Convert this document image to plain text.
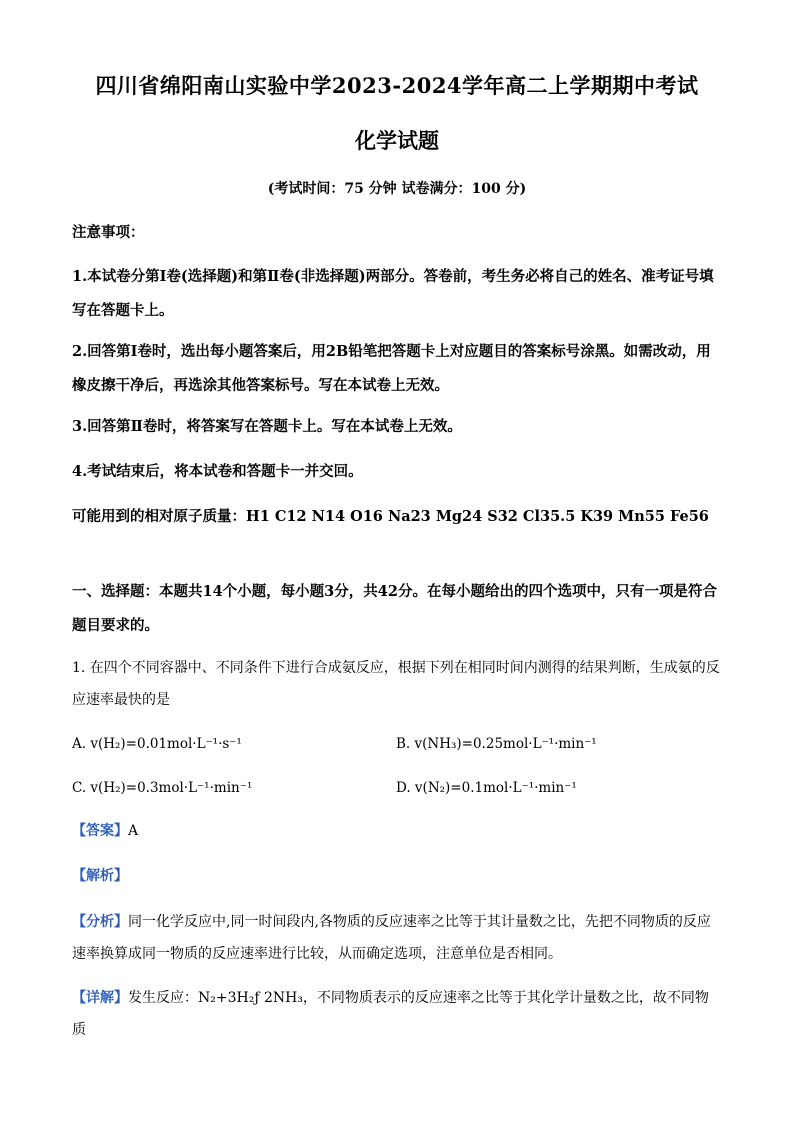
四川省绵阳南山实验中学2023-2024学年高二上学期期中考试
化学试题
(考试时间：75 分钟 试卷满分：100 分)
注意事项：
1.本试卷分第Ⅰ卷(选择题)和第Ⅱ卷(非选择题)两部分。答卷前，考生务必将自己的姓名、准考证号填写在答题卡上。
2.回答第Ⅰ卷时，选出每小题答案后，用2B铅笔把答题卡上对应题目的答案标号涂黑。如需改动，用橡皮擦干净后，再选涂其他答案标号。写在本试卷上无效。
3.回答第Ⅱ卷时，将答案写在答题卡上。写在本试卷上无效。
4.考试结束后，将本试卷和答题卡一并交回。
可能用到的相对原子质量：H1 C12 N14 O16 Na23 Mg24 S32 Cl35.5 K39 Mn55 Fe56
一、选择题：本题共14个小题，每小题3分，共42分。在每小题给出的四个选项中，只有一项是符合题目要求的。
1. 在四个不同容器中、不同条件下进行合成氨反应，根据下列在相同时间内测得的结果判断，生成氨的反应速率最快的是
A. v(H₂)=0.01mol·L⁻¹·s⁻¹	B. v(NH₃)=0.25mol·L⁻¹·min⁻¹
C. v(H₂)=0.3mol·L⁻¹·min⁻¹	D. v(N₂)=0.1mol·L⁻¹·min⁻¹
【答案】A
【解析】
【分析】同一化学反应中,同一时间段内,各物质的反应速率之比等于其计量数之比，先把不同物质的反应速率换算成同一物质的反应速率进行比较，从而确定选项，注意单位是否相同。
【详解】发生反应：N₂+3H₂ƒ 2NH₃，不同物质表示的反应速率之比等于其化学计量数之比，故不同物质
